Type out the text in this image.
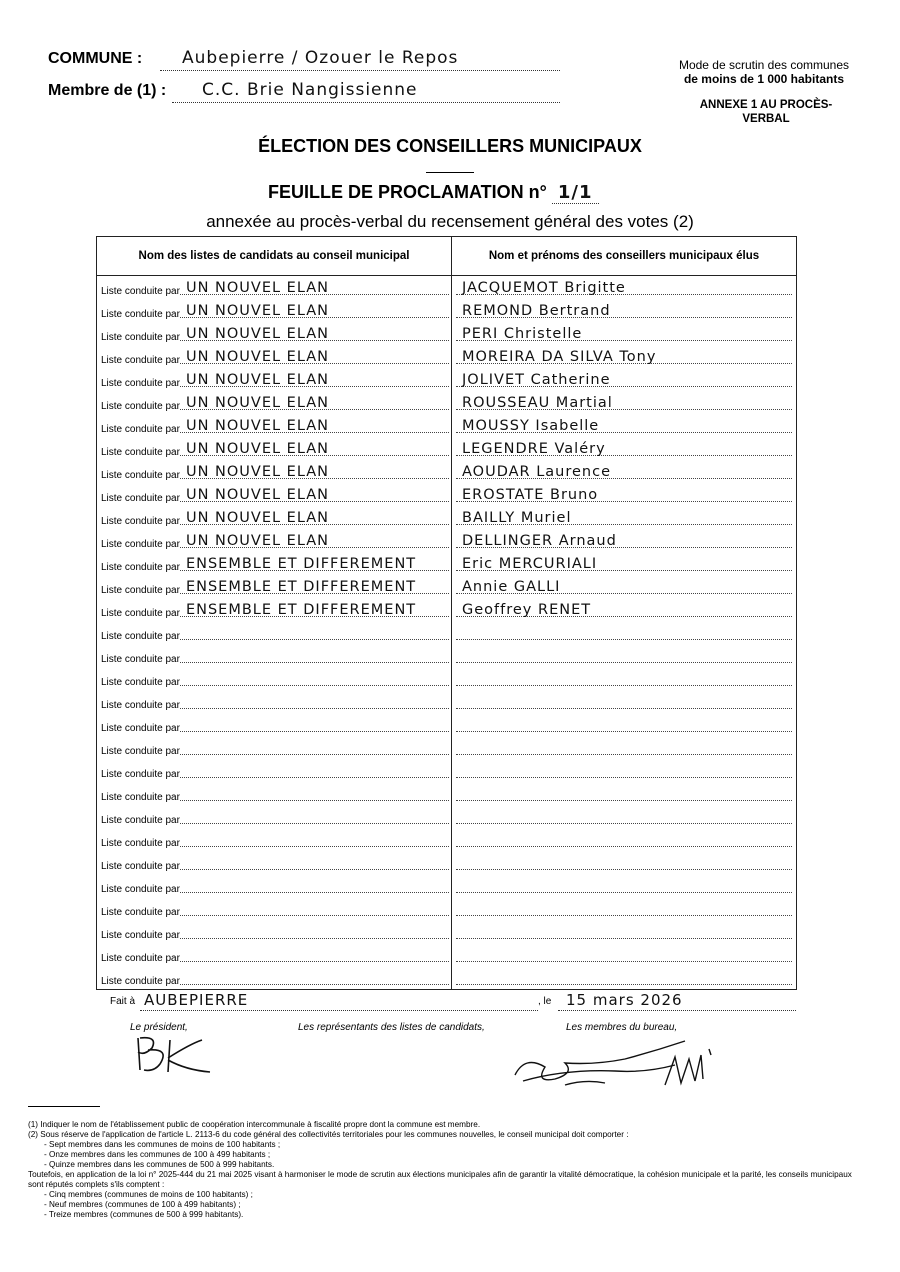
COMMUNE : Aubepierre / Ozouer le Repos
Membre de (1) : C.C. Brie Nangissienne
Mode de scrutin des communes
de moins de 1 000 habitants
ANNEXE 1 AU PROCÈS-VERBAL
ÉLECTION DES CONSEILLERS MUNICIPAUX
FEUILLE DE PROCLAMATION n° 1/1
annexée au procès-verbal du recensement général des votes (2)
Nom des listes de candidats au conseil municipal	Nom et prénoms des conseillers municipaux élus

Liste conduite par UN NOUVEL ELAN	JACQUEMOT Brigitte

Liste conduite par UN NOUVEL ELAN	REMOND Bertrand

Liste conduite par UN NOUVEL ELAN	PERI Christelle

Liste conduite par UN NOUVEL ELAN	MOREIRA DA SILVA Tony

Liste conduite par UN NOUVEL ELAN	JOLIVET Catherine

Liste conduite par UN NOUVEL ELAN	ROUSSEAU Martial

Liste conduite par UN NOUVEL ELAN	MOUSSY Isabelle

Liste conduite par UN NOUVEL ELAN	LEGENDRE Valéry

Liste conduite par UN NOUVEL ELAN	AOUDAR Laurence

Liste conduite par UN NOUVEL ELAN	EROSTATE Bruno

Liste conduite par UN NOUVEL ELAN	BAILLY Muriel

Liste conduite par UN NOUVEL ELAN	DELLINGER Arnaud

Liste conduite par ENSEMBLE ET DIFFEREMENT	Eric MERCURIALI

Liste conduite par ENSEMBLE ET DIFFEREMENT	Annie GALLI

Liste conduite par ENSEMBLE ET DIFFEREMENT	Geoffrey RENET

Liste conduite par	

Liste conduite par	

Liste conduite par	

Liste conduite par	

Liste conduite par	

Liste conduite par	

Liste conduite par	

Liste conduite par	

Liste conduite par	

Liste conduite par	

Liste conduite par	

Liste conduite par	

Liste conduite par	

Liste conduite par	

Liste conduite par	

Liste conduite par	

Fait à AUBEPIERRE	, le 15 mars 2026
Le président,	Les représentants des listes de candidats,	Les membres du bureau,
(1) Indiquer le nom de l'établissement public de coopération intercommunale à fiscalité propre dont la commune est membre.
(2) Sous réserve de l'application de l'article L. 2113-6 du code général des collectivités territoriales pour les communes nouvelles, le conseil municipal doit comporter :
- Sept membres dans les communes de moins de 100 habitants ;
- Onze membres dans les communes de 100 à 499 habitants ;
- Quinze membres dans les communes de 500 à 999 habitants.
Toutefois, en application de la loi n° 2025-444 du 21 mai 2025 visant à harmoniser le mode de scrutin aux élections municipales afin de garantir la vitalité démocratique, la cohésion municipale et la parité, les conseils municipaux sont réputés complets s'ils comptent :
- Cinq membres (communes de moins de 100 habitants) ;
- Neuf membres (communes de 100 à 499 habitants) ;
- Treize membres (communes de 500 à 999 habitants).
